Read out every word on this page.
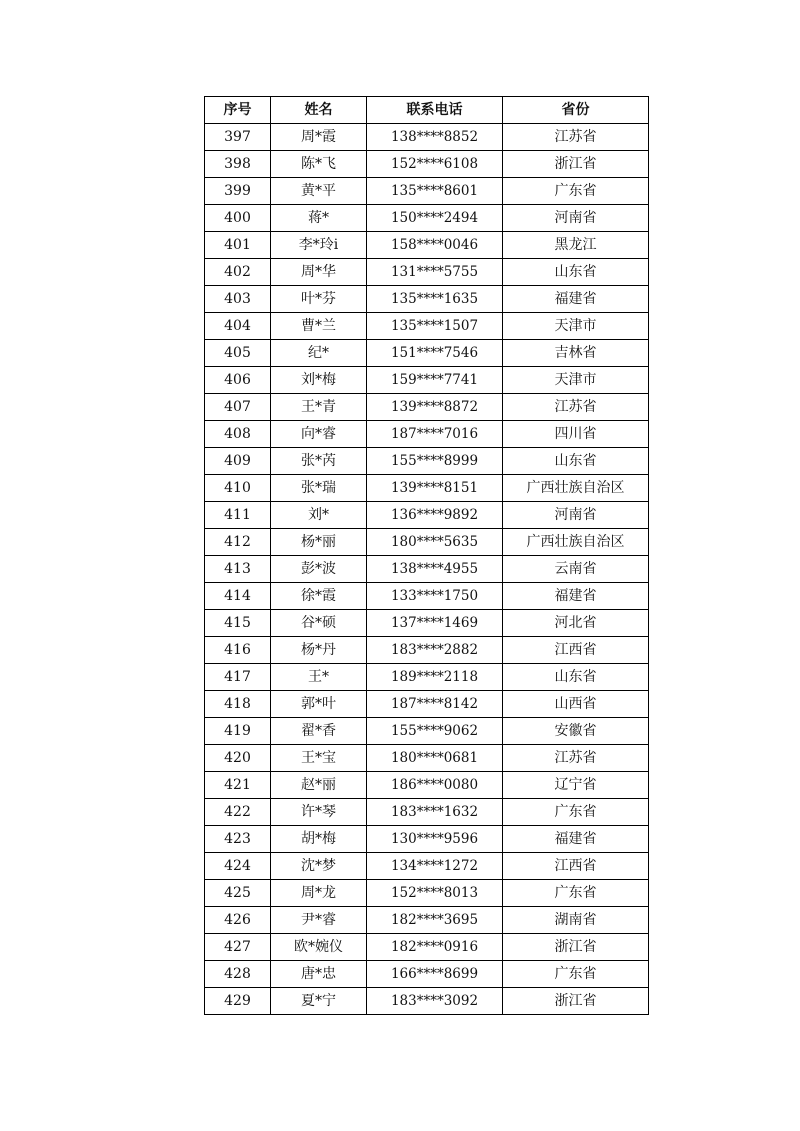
序号	姓名	联系电话	省份
397	周*霞	138****8852	江苏省
398	陈*飞	152****6108	浙江省
399	黄*平	135****8601	广东省
400	蒋*	150****2494	河南省
401	李*玲i	158****0046	黑龙江
402	周*华	131****5755	山东省
403	叶*芬	135****1635	福建省
404	曹*兰	135****1507	天津市
405	纪*	151****7546	吉林省
406	刘*梅	159****7741	天津市
407	王*青	139****8872	江苏省
408	向*睿	187****7016	四川省
409	张*芮	155****8999	山东省
410	张*瑞	139****8151	广西壮族自治区
411	刘*	136****9892	河南省
412	杨*丽	180****5635	广西壮族自治区
413	彭*波	138****4955	云南省
414	徐*霞	133****1750	福建省
415	谷*硕	137****1469	河北省
416	杨*丹	183****2882	江西省
417	王*	189****2118	山东省
418	郭*叶	187****8142	山西省
419	翟*香	155****9062	安徽省
420	王*宝	180****0681	江苏省
421	赵*丽	186****0080	辽宁省
422	许*琴	183****1632	广东省
423	胡*梅	130****9596	福建省
424	沈*梦	134****1272	江西省
425	周*龙	152****8013	广东省
426	尹*睿	182****3695	湖南省
427	欧*婉仪	182****0916	浙江省
428	唐*忠	166****8699	广东省
429	夏*宁	183****3092	浙江省
